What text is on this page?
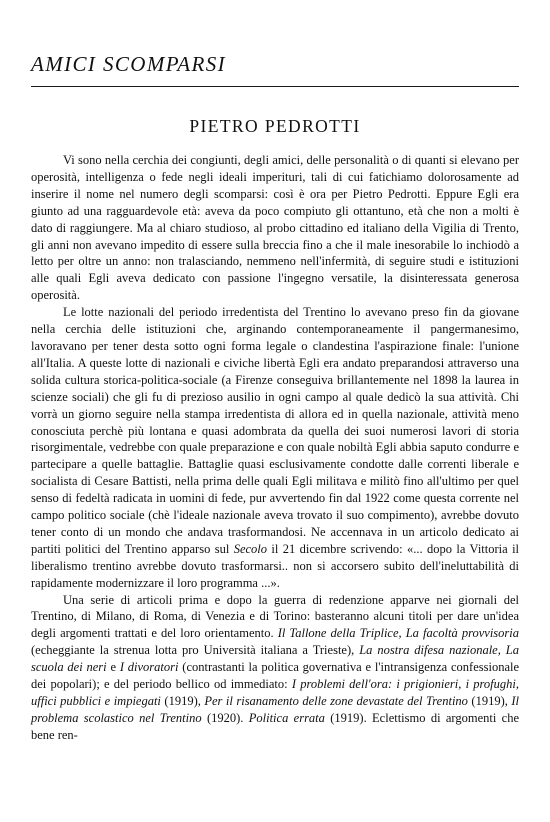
AMICI SCOMPARSI
PIETRO PEDROTTI

Vi sono nella cerchia dei congiunti, degli amici, delle personalità o di quanti si elevano per operosità, intelligenza o fede negli ideali imperituri, tali di cui fatichiamo dolorosamente ad inserire il nome nel numero degli scomparsi: così è ora per Pietro Pedrotti. Eppure Egli era giunto ad una ragguardevole età: aveva da poco compiuto gli ottantuno, età che non a molti è dato di raggiungere. Ma al chiaro studioso, al probo cittadino ed italiano della Vigilia di Trento, gli anni non avevano impedito di essere sulla breccia fino a che il male inesorabile lo inchiodò a letto per oltre un anno: non tralasciando, nemmeno nell'infermità, di seguire studi e istituzioni alle quali Egli aveva dedicato con passione l'ingegno versatile, la disinteressata generosa operosità.

Le lotte nazionali del periodo irredentista del Trentino lo avevano preso fin da giovane nella cerchia delle istituzioni che, arginando contemporaneamente il pangermanesimo, lavoravano per tener desta sotto ogni forma legale o clandestina l'aspirazione finale: l'unione all'Italia. A queste lotte di nazionali e civiche libertà Egli era andato preparandosi attraverso una solida cultura storica-politica-sociale (a Firenze conseguiva brillantemente nel 1898 la laurea in scienze sociali) che gli fu di prezioso ausilio in ogni campo al quale dedicò la sua attività. Chi vorrà un giorno seguire nella stampa irredentista di allora ed in quella nazionale, attività meno conosciuta perchè più lontana e quasi adombrata da quella dei suoi numerosi lavori di storia risorgimentale, vedrebbe con quale preparazione e con quale nobiltà Egli abbia saputo condurre e partecipare a quelle battaglie. Battaglie quasi esclusivamente condotte dalle correnti liberale e socialista di Cesare Battisti, nella prima delle quali Egli militava e militò fino all'ultimo per quel senso di fedeltà radicata in uomini di fede, pur avvertendo fin dal 1922 come questa corrente nel campo politico sociale (chè l'ideale nazionale aveva trovato il suo compimento), avrebbe dovuto tener conto di un mondo che andava trasformandosi. Ne accennava in un articolo dedicato ai partiti politici del Trentino apparso sul Secolo il 21 dicembre scrivendo: «... dopo la Vittoria il liberalismo trentino avrebbe dovuto trasformarsi.. non si accorsero subito dell'ineluttabilità di rapidamente modernizzare il loro programma ...».

Una serie di articoli prima e dopo la guerra di redenzione apparve nei giornali del Trentino, di Milano, di Roma, di Venezia e di Torino: basteranno alcuni titoli per dare un'idea degli argomenti trattati e del loro orientamento. Il Tallone della Triplice, La facoltà provvisoria (echeggiante la strenua lotta pro Università italiana a Trieste), La nostra difesa nazionale, La scuola dei neri e I divoratori (contrastanti la politica governativa e l'intransigenza confessionale dei popolari); e del periodo bellico od immediato: I problemi dell'ora: i prigionieri, i profughi, uffici pubblici e impiegati (1919), Per il risanamento delle zone devastate del Trentino (1919), Il problema scolastico nel Trentino (1920). Politica errata (1919). Eclettismo di argomenti che bene ren-
